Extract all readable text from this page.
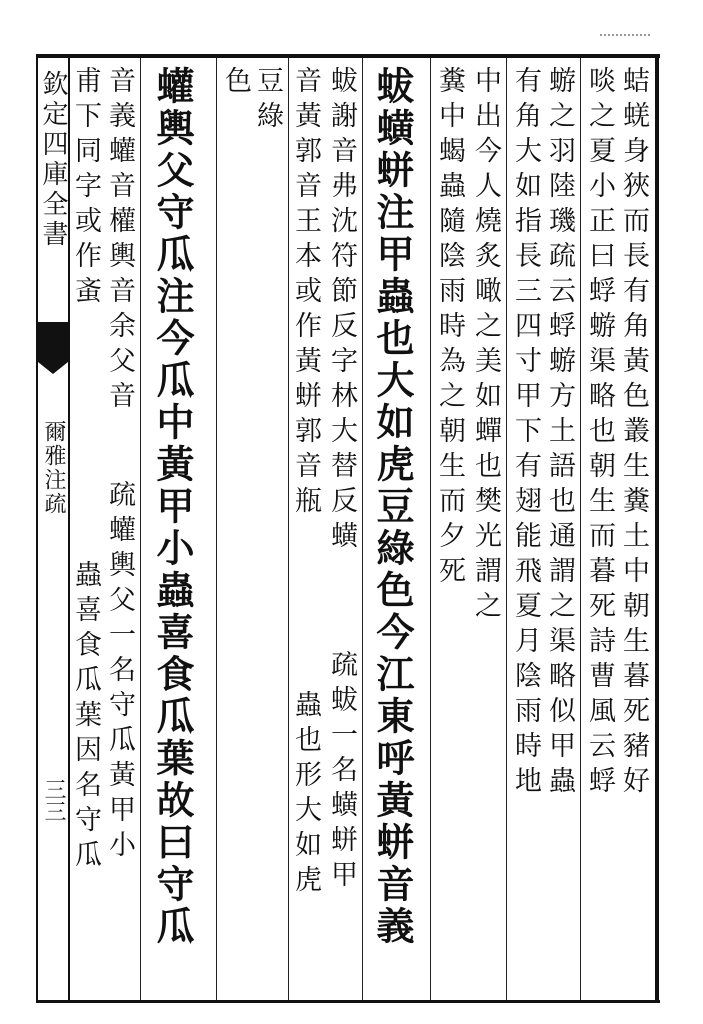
欽定四庫全書
爾雅注疏
三三	蛣蜣身狹而長有角黃色叢生糞土中朝生暮死豬好
啖之夏小正曰蜉蝣渠略也朝生而暮死詩曹風云蜉
蝣之羽陸璣疏云蜉蝣方土語也通謂之渠略似甲蟲
有角大如指長三四寸甲下有翅能飛夏月陰雨時地
中出今人燒炙噉之美如蟬也樊光謂之
糞中蝎蟲隨陰雨時為之朝生而夕死
蛂蟥蛢注甲蟲也大如虎豆綠色今江東呼黃蛢音義
蛂謝音弗沈符節反字林大替反蟥
疏蛂一名蟥蛢甲
音黃郭音王本或作黃蛢郭音瓶
蟲也形大如虎
豆綠
色
蠸輿父守瓜注今瓜中黃甲小蟲喜食瓜葉故曰守瓜
音義蠸音權輿音余父音
疏蠸輿父一名守瓜黃甲小
甫下同字或作蚉
蟲喜食瓜葉因名守瓜
